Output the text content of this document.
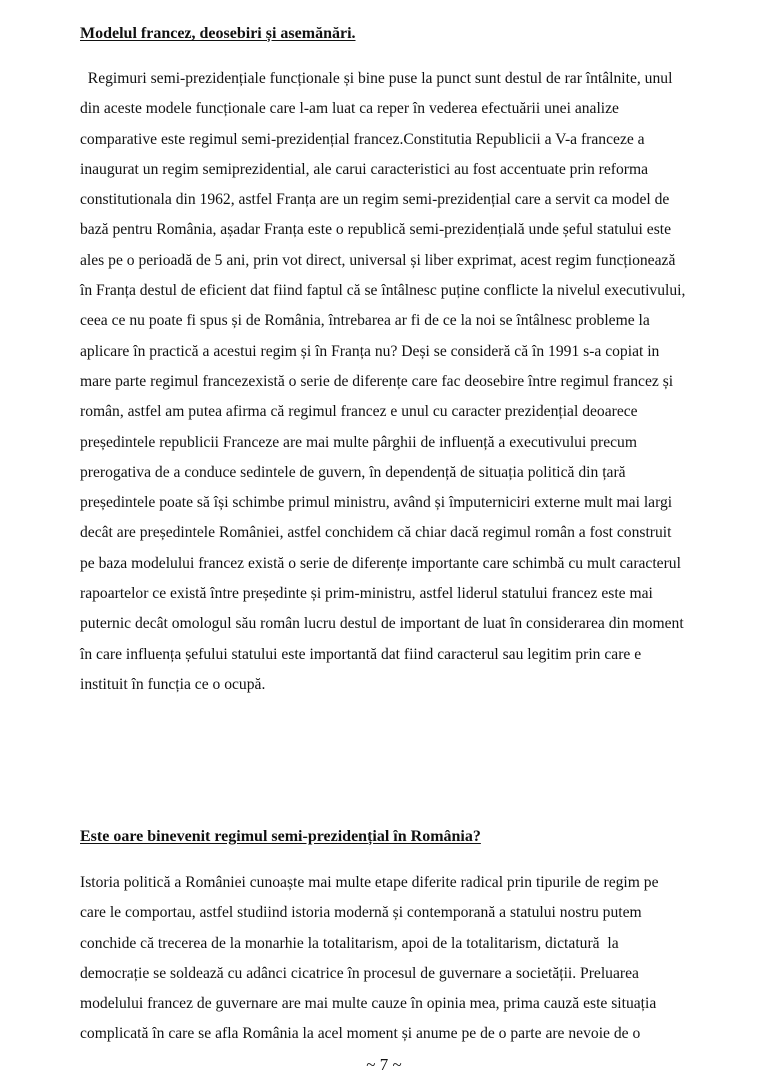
Modelul francez, deosebiri și asemănări.
Regimuri semi-prezidențiale funcționale și bine puse la punct sunt destul de rar întâlnite, unul
din aceste modele funcționale care l-am luat ca reper în vederea efectuării unei analize
comparative este regimul semi-prezidențial francez.Constitutia Republicii a V-a franceze a
inaugurat un regim semiprezidential, ale carui caracteristici au fost accentuate prin reforma
constitutionala din 1962, astfel Franța are un regim semi-prezidențial care a servit ca model de
bază pentru România, așadar Franța este o republică semi-prezidențială unde șeful statului este
ales pe o perioadă de 5 ani, prin vot direct, universal și liber exprimat, acest regim funcționează
în Franța destul de eficient dat fiind faptul că se întâlnesc puține conflicte la nivelul executivului,
ceea ce nu poate fi spus și de România, întrebarea ar fi de ce la noi se întâlnesc probleme la
aplicare în practică a acestui regim și în Franța nu? Deși se consideră că în 1991 s-a copiat in
mare parte regimul francezexistă o serie de diferențe care fac deosebire între regimul francez și
român, astfel am putea afirma că regimul francez e unul cu caracter prezidențial deoarece
președintele republicii Franceze are mai multe pârghii de influență a executivului precum
prerogativa de a conduce sedintele de guvern, în dependență de situația politică din țară
președintele poate să își schimbe primul ministru, având și împuterniciri externe mult mai largi
decât are președintele României, astfel conchidem că chiar dacă regimul român a fost construit
pe baza modelului francez există o serie de diferențe importante care schimbă cu mult caracterul
rapoartelor ce există între președinte și prim-ministru, astfel liderul statului francez este mai
puternic decât omologul său român lucru destul de important de luat în considerarea din moment
în care influența șefului statului este importantă dat fiind caracterul sau legitim prin care e
instituit în funcția ce o ocupă.
Este oare binevenit regimul semi-prezidențial în România?
Istoria politică a României cunoaște mai multe etape diferite radical prin tipurile de regim pe
care le comportau, astfel studiind istoria modernă și contemporană a statului nostru putem
conchide că trecerea de la monarhie la totalitarism, apoi de la totalitarism, dictatură  la
democrație se soldează cu adânci cicatrice în procesul de guvernare a societății. Preluarea
modelului francez de guvernare are mai multe cauze în opinia mea, prima cauză este situația
complicată în care se afla România la acel moment și anume pe de o parte are nevoie de o

~ 7 ~
